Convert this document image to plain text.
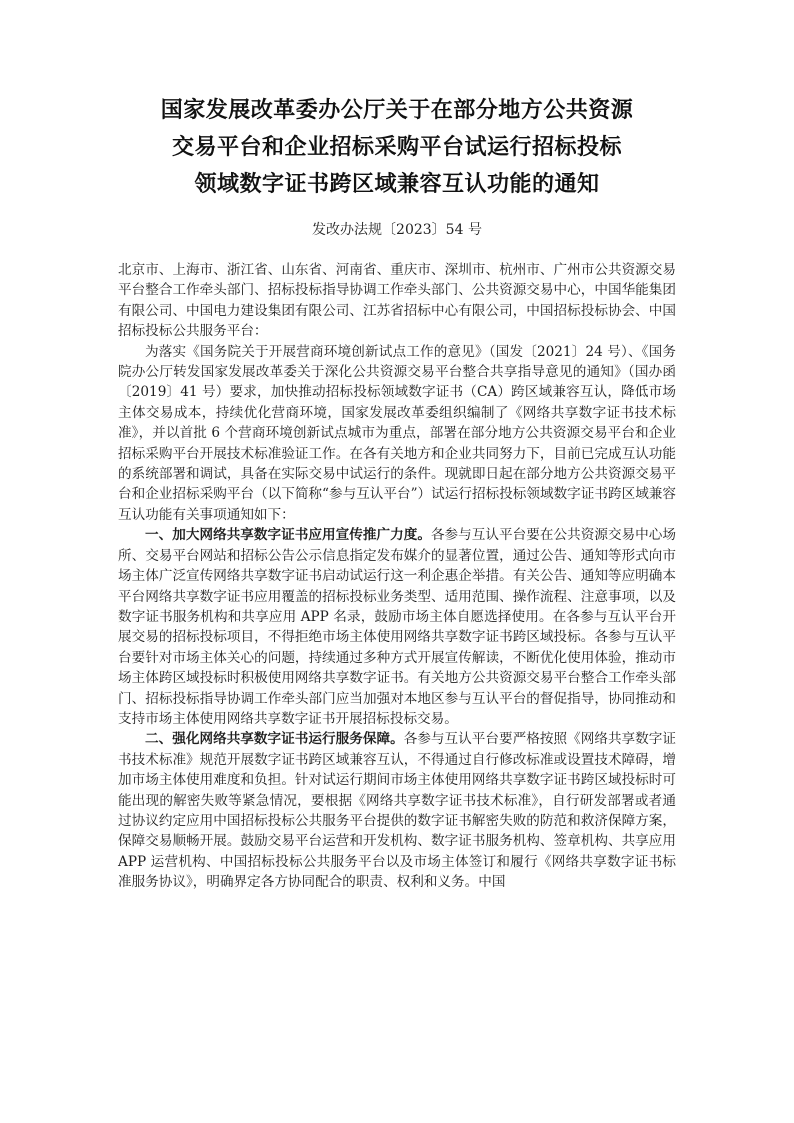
国家发展改革委办公厅关于在部分地方公共资源
交易平台和企业招标采购平台试运行招标投标
领域数字证书跨区域兼容互认功能的通知
发改办法规〔2023〕54 号

北京市、上海市、浙江省、山东省、河南省、重庆市、深圳市、杭州市、广州市公共资源交易平台整合工作牵头部门、招标投标指导协调工作牵头部门、公共资源交易中心，中国华能集团有限公司、中国电力建设集团有限公司、江苏省招标中心有限公司，中国招标投标协会、中国招标投标公共服务平台：

为落实《国务院关于开展营商环境创新试点工作的意见》（国发〔2021〕24 号）、《国务院办公厅转发国家发展改革委关于深化公共资源交易平台整合共享指导意见的通知》（国办函〔2019〕41 号）要求，加快推动招标投标领域数字证书（CA）跨区域兼容互认，降低市场主体交易成本，持续优化营商环境，国家发展改革委组织编制了《网络共享数字证书技术标准》，并以首批 6 个营商环境创新试点城市为重点，部署在部分地方公共资源交易平台和企业招标采购平台开展技术标准验证工作。在各有关地方和企业共同努力下，目前已完成互认功能的系统部署和调试，具备在实际交易中试运行的条件。现就即日起在部分地方公共资源交易平台和企业招标采购平台（以下简称“参与互认平台”）试运行招标投标领域数字证书跨区域兼容互认功能有关事项通知如下：

一、加大网络共享数字证书应用宣传推广力度。各参与互认平台要在公共资源交易中心场所、交易平台网站和招标公告公示信息指定发布媒介的显著位置，通过公告、通知等形式向市场主体广泛宣传网络共享数字证书启动试运行这一利企惠企举措。有关公告、通知等应明确本平台网络共享数字证书应用覆盖的招标投标业务类型、适用范围、操作流程、注意事项，以及数字证书服务机构和共享应用 APP 名录，鼓励市场主体自愿选择使用。在各参与互认平台开展交易的招标投标项目，不得拒绝市场主体使用网络共享数字证书跨区域投标。各参与互认平台要针对市场主体关心的问题，持续通过多种方式开展宣传解读，不断优化使用体验，推动市场主体跨区域投标时积极使用网络共享数字证书。有关地方公共资源交易平台整合工作牵头部门、招标投标指导协调工作牵头部门应当加强对本地区参与互认平台的督促指导，协同推动和支持市场主体使用网络共享数字证书开展招标投标交易。

二、强化网络共享数字证书运行服务保障。各参与互认平台要严格按照《网络共享数字证书技术标准》规范开展数字证书跨区域兼容互认，不得通过自行修改标准或设置技术障碍，增加市场主体使用难度和负担。针对试运行期间市场主体使用网络共享数字证书跨区域投标时可能出现的解密失败等紧急情况，要根据《网络共享数字证书技术标准》，自行研发部署或者通过协议约定应用中国招标投标公共服务平台提供的数字证书解密失败的防范和救济保障方案，保障交易顺畅开展。鼓励交易平台运营和开发机构、数字证书服务机构、签章机构、共享应用 APP 运营机构、中国招标投标公共服务平台以及市场主体签订和履行《网络共享数字证书标准服务协议》，明确界定各方协同配合的职责、权利和义务。中国
